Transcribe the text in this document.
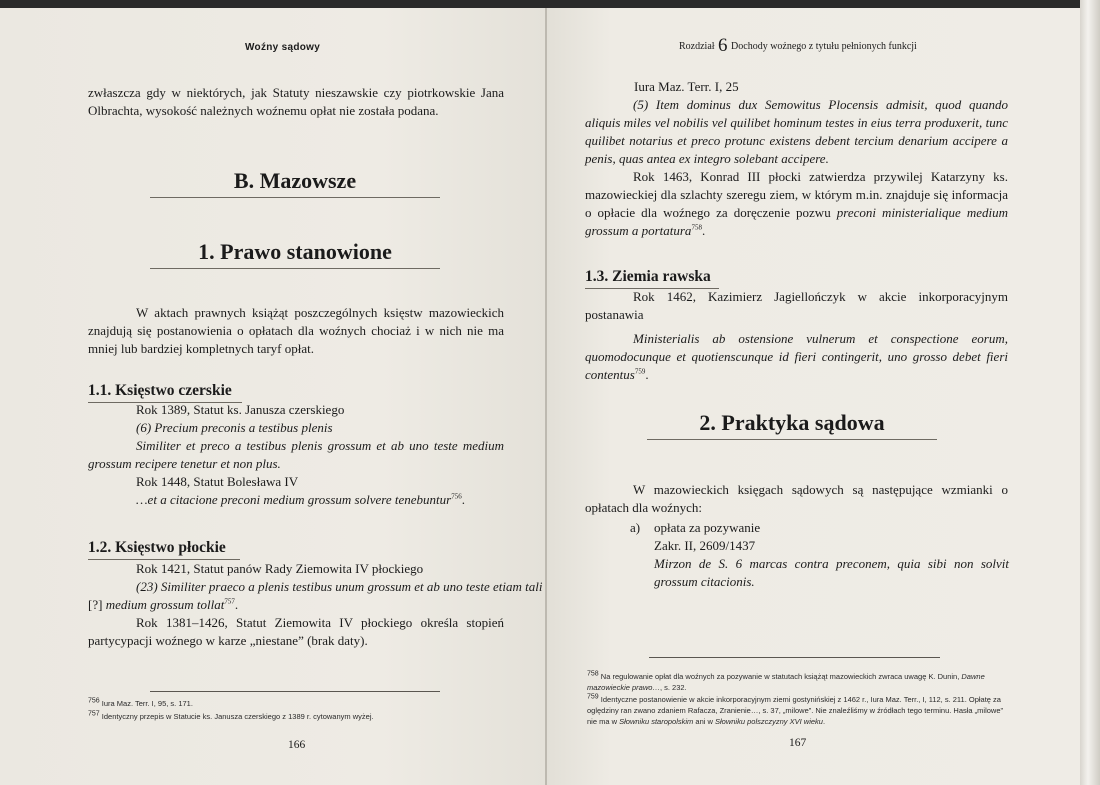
Woźny sądowy

zwłaszcza gdy w niektórych, jak Statuty nieszawskie czy piotrkowskie Jana Olbrachta, wysokość należnych woźnemu opłat nie została podana.

B. Mazowsze
1. Prawo stanowione

W aktach prawnych książąt poszczególnych księstw mazowieckich znajdują się postanowienia o opłatach dla woźnych chociaż i w nich nie ma mniej lub bardziej kompletnych taryf opłat.

1.1. Księstwo czerskie
Rok 1389, Statut ks. Janusza czerskiego
(6) Precium preconis a testibus plenis

Similiter et preco a testibus plenis grossum et ab uno teste medium grossum recipere tenetur et non plus.

Rok 1448, Statut Bolesława IV
…et a citacione preconi medium grossum solvere tenebuntur$^{756}$.
1.2. Księstwo płockie
Rok 1421, Statut panów Rady Ziemowita IV płockiego
(23) Similiter praeco a plenis testibus unum grossum et ab uno teste etiam tali
[?] medium grossum tollat$^{757}$.

Rok 1381–1426, Statut Ziemowita IV płockiego określa stopień partycypacji woźnego w karze „niestane” (brak daty).

$^{756}$ Iura Maz. Terr. I, 95, s. 171.
$^{757}$ Identyczny przepis w Statucie ks. Janusza czerskiego z 1389 r. cytowanym wyżej.
166
Rozdział 6 Dochody woźnego z tytułu pełnionych funkcji
Iura Maz. Terr. I, 25

(5) Item dominus dux Semowitus Plocensis admisit, quod quando aliquis miles vel nobilis vel quilibet hominum testes in eius terra produxerit, tunc quilibet notarius et preco protunc existens debent tercium denarium accipere a penis, quas antea ex integro solebant accipere.

Rok 1463, Konrad III płocki zatwierdza przywilej Katarzyny ks. mazowieckiej dla szlachty szeregu ziem, w którym m.in. znajduje się informacja o opłacie dla woźnego za doręczenie pozwu preconi ministerialique medium grossum a portatura$^{758}$.

1.3. Ziemia rawska

Rok 1462, Kazimierz Jagiellończyk w akcie inkorporacyjnym postanawia

Ministerialis ab ostensione vulnerum et conspectione eorum, quomodocunque et quotienscunque id fieri contingerit, uno grosso debet fieri contentus$^{759}$.

2. Praktyka sądowa

W mazowieckich księgach sądowych są następujące wzmianki o opłatach dla woźnych:

a) opłata za pozywanie
Zakr. II, 2609/1437

Mirzon de S. 6 marcas contra preconem, quia sibi non solvit grossum citacionis.

$^{758}$ Na regulowanie opłat dla woźnych za pozywanie w statutach książąt mazowieckich zwraca uwagę K. Dunin, Dawne mazowieckie prawo…, s. 232.
$^{759}$ Identyczne postanowienie w akcie inkorporacyjnym ziemi gostynińskiej z 1462 r., Iura Maz. Terr., I, 112, s. 211. Opłatę za oględziny ran zwano zdaniem Rafacza, Zranienie…, s. 37, „milowe”. Nie znaleźliśmy w źródłach tego terminu. Hasła „milowe” nie ma w Słowniku staropolskim ani w Słowniku polszczyzny XVI wieku.
167
